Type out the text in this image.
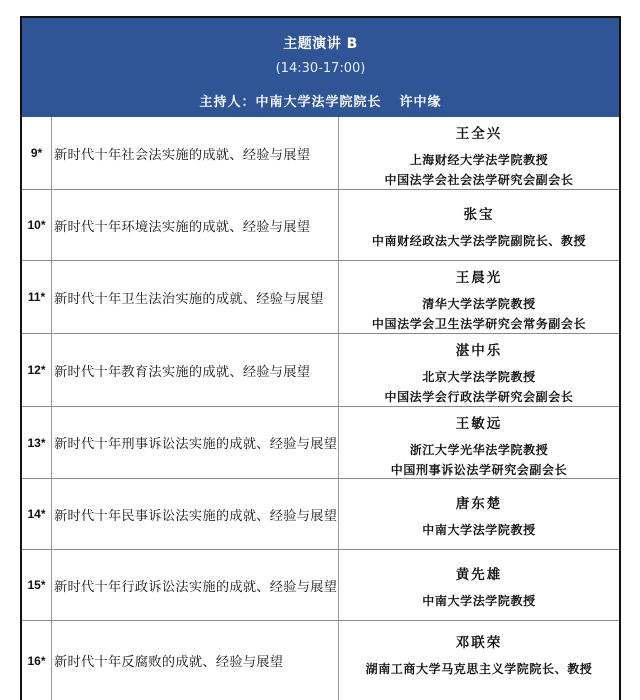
主题演讲 B
(14:30-17:00)
主持人：中南大学法学院院长 许中缘
9* 新时代十年社会法实施的成就、经验与展望
王全兴
上海财经大学法学院教授
中国法学会社会法学研究会副会长
10* 新时代十年环境法实施的成就、经验与展望
张宝
中南财经政法大学法学院副院长、教授
11* 新时代十年卫生法治实施的成就、经验与展望
王晨光
清华大学法学院教授
中国法学会卫生法学研究会常务副会长
12* 新时代十年教育法实施的成就、经验与展望
湛中乐
北京大学法学院教授
中国法学会行政法学研究会副会长
13* 新时代十年刑事诉讼法实施的成就、经验与展望
王敏远
浙江大学光华法学院教授
中国刑事诉讼法学研究会副会长
14* 新时代十年民事诉讼法实施的成就、经验与展望
唐东楚
中南大学法学院教授
15* 新时代十年行政诉讼法实施的成就、经验与展望
黄先雄
中南大学法学院教授
16* 新时代十年反腐败的成就、经验与展望
邓联荣
湖南工商大学马克思主义学院院长、教授
